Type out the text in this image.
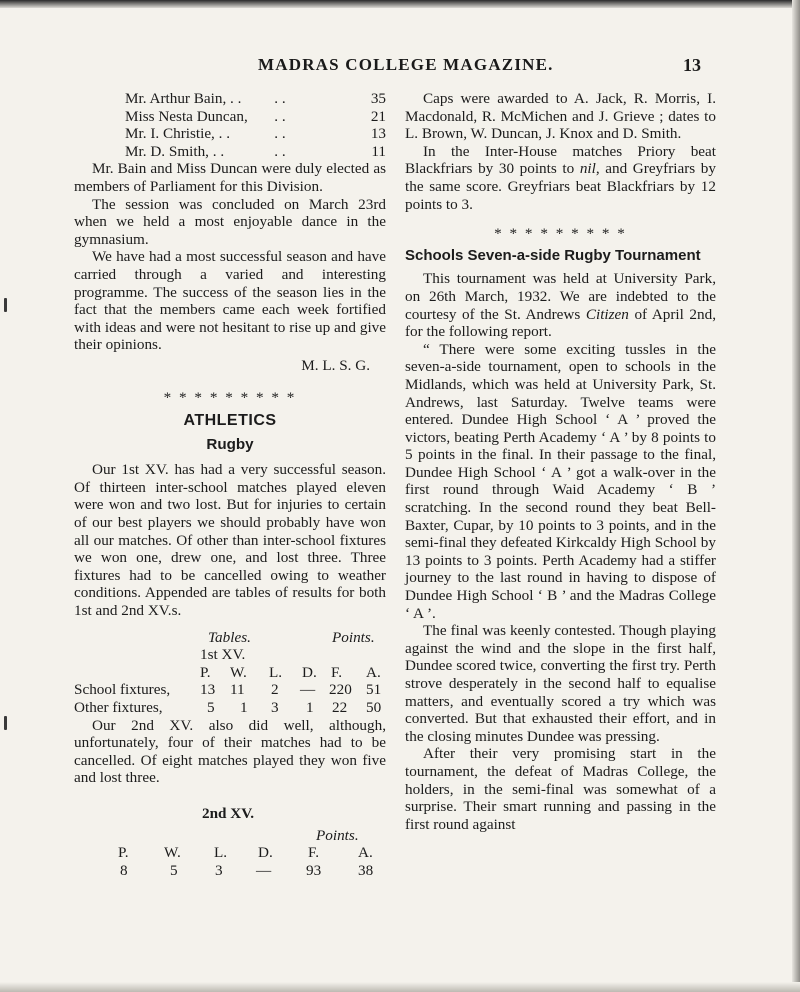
MADRAS COLLEGE MAGAZINE.	13
Mr. Arthur Bain, . .	. .	35
Miss Nesta Duncan,	. .	21
Mr. I. Christie, . .	. .	13
Mr. D. Smith, . .	. .	11

Mr. Bain and Miss Duncan were duly elected as members of Parliament for this Division.

The session was concluded on March 23rd when we held a most enjoyable dance in the gymnasium.

We have had a most successful season and have carried through a varied and interesting programme. The success of the season lies in the fact that the members came each week fortified with ideas and were not hesitant to rise up and give their opinions.

M. L. S. G.

* * * * * * * * *
ATHLETICS
Rugby

Our 1st XV. has had a very successful season. Of thirteen inter-school matches played eleven were won and two lost. But for injuries to certain of our best players we should probably have won all our matches. Of other than inter-school fixtures we won one, drew one, and lost three. Three fixtures had to be cancelled owing to weather conditions. Appended are tables of results for both 1st and 2nd XV.s.

Tables.	Points.
1st XV.
P. W. L. D. F. A.
School fixtures, 13 11 2 — 220 51
Other fixtures,	5 1 3 1 22 50

Our 2nd XV. also did well, although, unfortunately, four of their matches had to be cancelled. Of eight matches played they won five and lost three.

2nd XV.
Points.
P. W. L. D. F.	A.
8	5 3 — 93 38

Caps were awarded to A. Jack, R. Morris, I. Macdonald, R. McMichen and J. Grieve ; dates to L. Brown, W. Duncan, J. Knox and D. Smith.

In the Inter-House matches Priory beat Blackfriars by 30 points to nil, and Greyfriars by the same score. Greyfriars beat Blackfriars by 12 points to 3.

* * * * * * * * *
Schools Seven-a-side Rugby Tournament

This tournament was held at University Park, on 26th March, 1932. We are indebted to the courtesy of the St. Andrews Citizen of April 2nd, for the following report.

“ There were some exciting tussles in the seven-a-side tournament, open to schools in the Midlands, which was held at University Park, St. Andrews, last Saturday. Twelve teams were entered. Dundee High School ‘ A ’ proved the victors, beating Perth Academy ‘ A ’ by 8 points to 5 points in the final. In their passage to the final, Dundee High School ‘ A ’ got a walk-over in the first round through Waid Academy ‘ B ’ scratching. In the second round they beat Bell-Baxter, Cupar, by 10 points to 3 points, and in the semi-final they defeated Kirkcaldy High School by 13 points to 3 points. Perth Academy had a stiffer journey to the last round in having to dispose of Dundee High School ‘ B ’ and the Madras College ‘ A ’.

The final was keenly contested. Though playing against the wind and the slope in the first half, Dundee scored twice, converting the first try. Perth strove desperately in the second half to equalise matters, and eventually scored a try which was converted. But that exhausted their effort, and in the closing minutes Dundee was pressing.

After their very promising start in the tournament, the defeat of Madras College, the holders, in the semi-final was somewhat of a surprise. Their smart running and passing in the first round against
